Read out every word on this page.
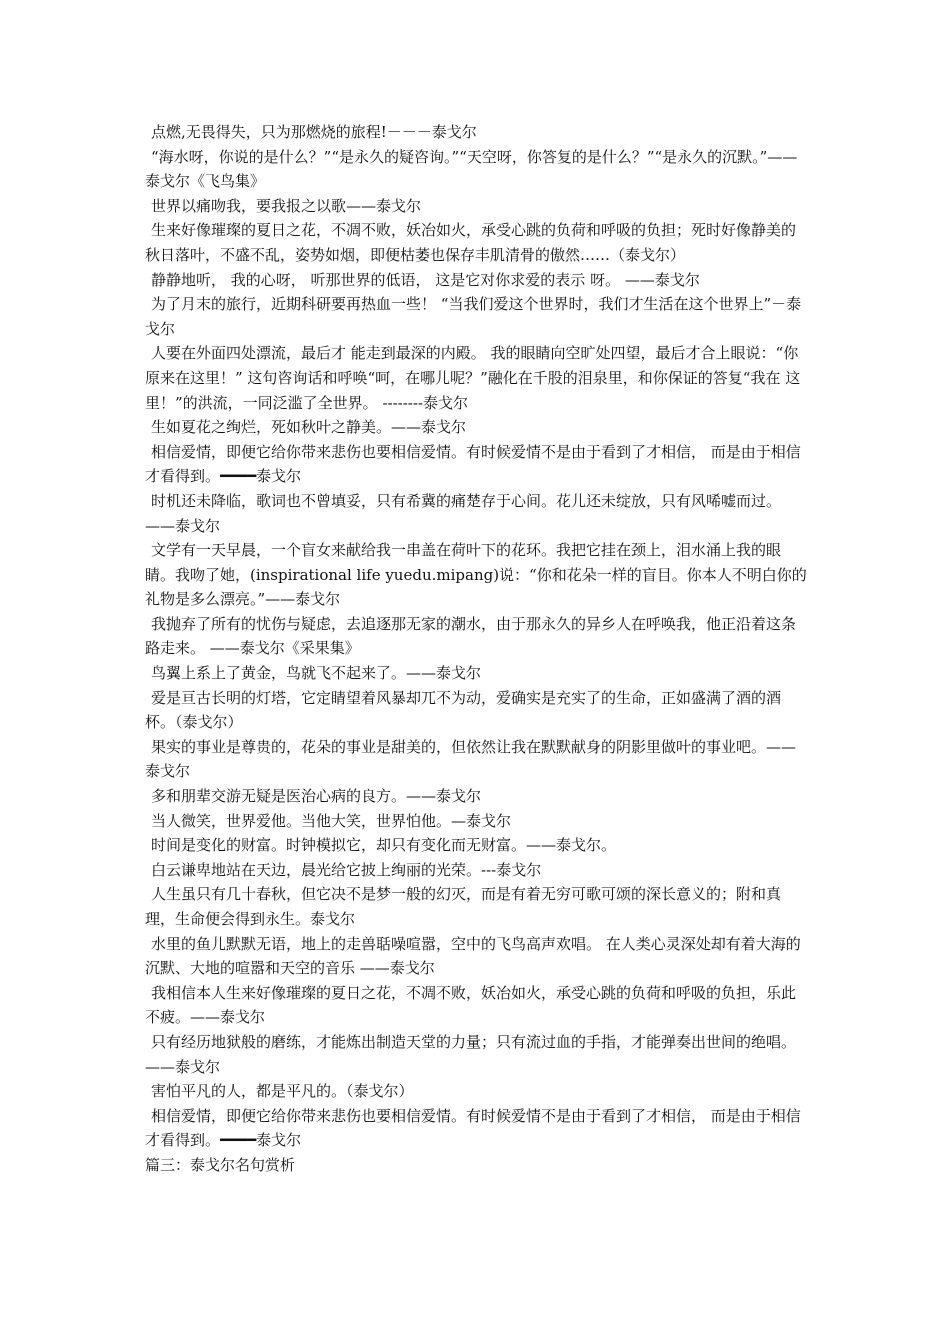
点燃,无畏得失，只为那燃烧的旅程!－－－泰戈尔

“海水呀，你说的是什么？”“是永久的疑咨询。”“天空呀，你答复的是什么？”“是永久的沉默。”——泰戈尔《飞鸟集》

世界以痛吻我，要我报之以歌——泰戈尔

生来好像璀璨的夏日之花，不凋不败，妖冶如火，承受心跳的负荷和呼吸的负担；死时好像静美的秋日落叶，不盛不乱，姿势如烟，即便枯萎也保存丰肌清骨的傲然……（泰戈尔）

静静地听， 我的心呀， 听那世界的低语， 这是它对你求爱的表示 呀。 ——泰戈尔

为了月末的旅行，近期科研要再热血一些！ “当我们爱这个世界时，我们才生活在这个世界上”－泰戈尔

人要在外面四处漂流，最后才 能走到最深的内殿。 我的眼睛向空旷处四望，最后才合上眼说：“你原来在这里！” 这句咨询话和呼唤“呵，在哪儿呢？”融化在千股的泪泉里，和你保证的答复“我在 这里！”的洪流，一同泛滥了全世界。 --------泰戈尔

生如夏花之绚烂，死如秋叶之静美。——泰戈尔

相信爱情，即便它给你带来悲伤也要相信爱情。有时候爱情不是由于看到了才相信， 而是由于相信才看得到。━━━━泰戈尔

时机还未降临，歌词也不曾填妥，只有希冀的痛楚存于心间。花儿还未绽放，只有风唏嘘而过。——泰戈尔

文学有一天早晨，一个盲女来献给我一串盖在荷叶下的花环。我把它挂在颈上，泪水涌上我的眼睛。我吻了她，(inspirational life yuedu.mipang)说：“你和花朵一样的盲目。你本人不明白你的礼物是多么漂亮。”——泰戈尔

我抛弃了所有的忧伤与疑虑，去追逐那无家的潮水，由于那永久的异乡人在呼唤我，他正沿着这条路走来。 ——泰戈尔《采果集》

鸟翼上系上了黄金，鸟就飞不起来了。——泰戈尔

爱是亘古长明的灯塔，它定睛望着风暴却兀不为动，爱确实是充实了的生命，正如盛满了酒的酒杯。（泰戈尔）

果实的事业是尊贵的，花朵的事业是甜美的，但依然让我在默默献身的阴影里做叶的事业吧。——泰戈尔

多和朋辈交游无疑是医治心病的良方。——泰戈尔

当人微笑，世界爱他。当他大笑，世界怕他。—泰戈尔

时间是变化的财富。时钟模拟它，却只有变化而无财富。——泰戈尔。

白云谦卑地站在天边，晨光给它披上绚丽的光荣。---泰戈尔

人生虽只有几十春秋，但它决不是梦一般的幻灭，而是有着无穷可歌可颂的深长意义的；附和真理，生命便会得到永生。泰戈尔

水里的鱼儿默默无语，地上的走兽聒噪喧嚣，空中的飞鸟高声欢唱。 在人类心灵深处却有着大海的沉默、大地的喧嚣和天空的音乐 ——泰戈尔

我相信本人生来好像璀璨的夏日之花，不凋不败，妖冶如火，承受心跳的负荷和呼吸的负担，乐此不疲。——泰戈尔

只有经历地狱般的磨练，才能炼出制造天堂的力量；只有流过血的手指，才能弹奏出世间的绝唱。——泰戈尔

害怕平凡的人，都是平凡的。（泰戈尔）

相信爱情，即便它给你带来悲伤也要相信爱情。有时候爱情不是由于看到了才相信， 而是由于相信才看得到。━━━━泰戈尔

篇三：泰戈尔名句赏析
